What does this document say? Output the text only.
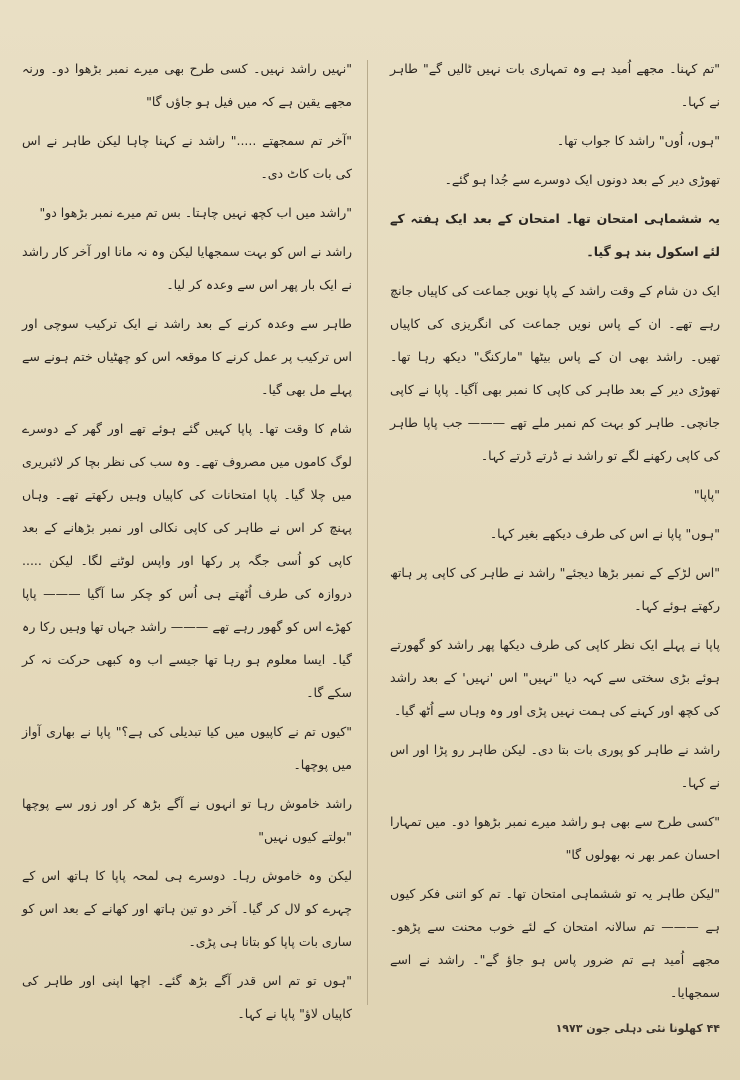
"تم کہنا۔ مجھے اُمید ہے وہ تمہاری بات نہیں ٹالیں گے" طاہر نے کہا۔

"ہوں، اُوں" راشد کا جواب تھا۔

تھوڑی دیر کے بعد دونوں ایک دوسرے سے جُدا ہو گئے۔

یہ ششماہی امتحان تھا۔ امتحان کے بعد ایک ہفتہ کے لئے اسکول بند ہو گیا۔

ایک دن شام کے وقت راشد کے پاپا نویں جماعت کی کاپیاں جانچ رہے تھے۔ ان کے پاس نویں جماعت کی انگریزی کی کاپیاں تھیں۔ راشد بھی ان کے پاس بیٹھا "مارکنگ" دیکھ رہا تھا۔ تھوڑی دیر کے بعد طاہر کی کاپی کا نمبر بھی آگیا۔ پاپا نے کاپی جانچی۔ طاہر کو بہت کم نمبر ملے تھے ——— جب پاپا طاہر کی کاپی رکھنے لگے تو راشد نے ڈرتے ڈرتے کہا۔

"پاپا"

"ہوں" پاپا نے اس کی طرف دیکھے بغیر کہا۔

"اس لڑکے کے نمبر بڑھا دیجئے" راشد نے طاہر کی کاپی پر ہاتھ رکھتے ہوئے کہا۔

پاپا نے پہلے ایک نظر کاپی کی طرف دیکھا پھر راشد کو گھورتے ہوئے بڑی سختی سے کہہ دیا "نہیں" اس 'نہیں' کے بعد راشد کی کچھ اور کہنے کی ہمت نہیں پڑی اور وہ وہاں سے اُٹھ گیا۔

راشد نے طاہر کو پوری بات بتا دی۔ لیکن طاہر رو پڑا اور اس نے کہا۔

"کسی طرح سے بھی ہو راشد میرے نمبر بڑھوا دو۔ میں تمہارا احسان عمر بھر نہ بھولوں گا"

"لیکن طاہر یہ تو ششماہی امتحان تھا۔ تم کو اتنی فکر کیوں ہے ——— تم سالانہ امتحان کے لئے خوب محنت سے پڑھو۔ مجھے اُمید ہے تم ضرور پاس ہو جاؤ گے"۔ راشد نے اسے سمجھایا۔

"نہیں راشد نہیں۔ کسی طرح بھی میرے نمبر بڑھوا دو۔ ورنہ مجھے یقین ہے کہ میں فیل ہو جاؤں گا"

"آخر تم سمجھتے ....." راشد نے کہنا چاہا لیکن طاہر نے اس کی بات کاٹ دی۔

"راشد میں اب کچھ نہیں چاہتا۔ بس تم میرے نمبر بڑھوا دو"

راشد نے اس کو بہت سمجھایا لیکن وہ نہ مانا اور آخر کار راشد نے ایک بار پھر اس سے وعدہ کر لیا۔

طاہر سے وعدہ کرنے کے بعد راشد نے ایک ترکیب سوچی اور اس ترکیب پر عمل کرنے کا موقعہ اس کو چھٹیاں ختم ہونے سے پہلے مل بھی گیا۔

شام کا وقت تھا۔ پاپا کہیں گئے ہوئے تھے اور گھر کے دوسرے لوگ کاموں میں مصروف تھے۔ وہ سب کی نظر بچا کر لائبریری میں چلا گیا۔ پاپا امتحانات کی کاپیاں وہیں رکھتے تھے۔ وہاں پہنچ کر اس نے طاہر کی کاپی نکالی اور نمبر بڑھانے کے بعد کاپی کو اُسی جگہ پر رکھا اور واپس لوٹنے لگا۔ لیکن ..... دروازہ کی طرف اُٹھتے ہی اُس کو چکر سا آگیا ——— پاپا کھڑے اس کو گھور رہے تھے ——— راشد جہاں تھا وہیں رکا رہ گیا۔ ایسا معلوم ہو رہا تھا جیسے اب وہ کبھی حرکت نہ کر سکے گا۔

"کیوں تم نے کاپیوں میں کیا تبدیلی کی ہے؟" پاپا نے بھاری آواز میں پوچھا۔

راشد خاموش رہا تو انہوں نے آگے بڑھ کر اور زور سے پوچھا "بولتے کیوں نہیں"

لیکن وہ خاموش رہا۔ دوسرے ہی لمحہ پاپا کا ہاتھ اس کے چہرے کو لال کر گیا۔ آخر دو تین ہاتھ اور کھانے کے بعد اس کو ساری بات پاپا کو بتانا ہی پڑی۔

"ہوں تو تم اس قدر آگے بڑھ گئے۔ اچھا اپنی اور طاہر کی کاپیاں لاؤ" پاپا نے کہا۔

۴۴ کھلونا نئی دہلی جون ۱۹۷۳
